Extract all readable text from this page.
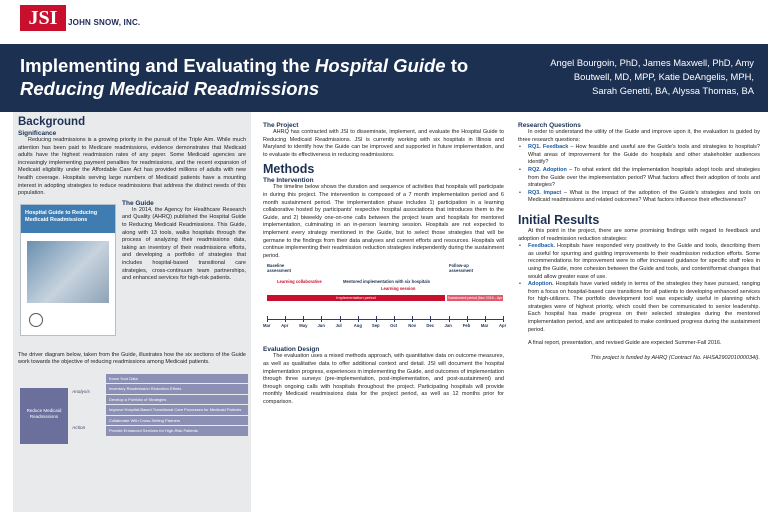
JSI	JOHN SNOW, INC.
Implementing and Evaluating the Hospital Guide to
Reducing Medicaid Readmissions
Angel Bourgoin, PhD, James Maxwell, PhD, Amy
Boutwell, MD, MPP, Katie DeAngelis, MPH,
Sarah Genetti, BA, Alyssa Thomas, BA
Background
Significance

Reducing readmissions is a growing priority in the pursuit of the Triple Aim. While much attention has been paid to Medicare readmissions, evidence demonstrates that Medicaid adults have the highest readmission rates of any payer. Some Medicaid agencies are increasingly implementing payment penalties for readmissions, and the recent expansion of Medicaid eligibility under the Affordable Care Act has provided millions of adults with new health coverage. Hospitals serving large numbers of Medicaid patients have a mounting interest in adopting strategies to reduce readmissions that address the distinct needs of this population.

Hospital Guide to Reducing Medicaid Readmissions
The Guide

In 2014, the Agency for Healthcare Research and Quality (AHRQ) published the Hospital Guide to Reducing Medicaid Readmissions. This Guide, along with 13 tools, walks hospitals through the process of analyzing their readmissions data, taking an inventory of their readmissions efforts, and developing a portfolio of strategies that includes hospital-based transitional care strategies, cross-continuum team partnerships, and enhanced services for high-risk patients.

The driver diagram below, taken from the Guide, illustrates how the six sections of the Guide work towards the objective of reducing readmissions among Medicaid patients.

Reduce Medicaid Readmissions
Analysis
Action
Know Your Data
Inventory Readmission Reduction Efforts
Develop a Portfolio of Strategies
Improve Hospital-Based Transitional Care Processes for Medicaid Patients
Collaborate With Cross-Setting Partners
Provide Enhanced Services for High-Risk Patients
The Project

AHRQ has contracted with JSI to disseminate, implement, and evaluate the Hospital Guide to Reducing Medicaid Readmissions. JSI is currently working with six hospitals in Illinois and Maryland to identify how the Guide can be improved and supported in future implementation, and to evaluate its effectiveness in reducing readmissions.

Methods
The Intervention

The timeline below shows the duration and sequence of activities that hospitals will participate in during this project. The intervention is composed of a 7 month implementation period and 6 month sustainment period. The implementation phase includes 1) participation in a learning collaborative hosted by participants' respective hospital associations that introduces them to the Guide, and 2) biweekly one-on-one calls between the project team and hospitals for mentored implementation, culminating in an in-person learning session. Hospitals are not expected to implement every strategy mentioned in the Guide, but to select those strategies that will be germane to the findings from their data analyses and current efforts and resources. Hospitals will continue implementing their readmission reduction strategies independently during the sustainment period.

Baseline assessment
Follow-up assessment
Learning collaborative	Mentored implementation with six hospitals
Learning session
Implementation period	Sustainment period (Nov 2016 – Apr 2017)
Mar	Apr	May Jun	Jul	Aug Sep Oct	Nov Dec Jan	Feb	Mar	Apr
Evaluation Design

The evaluation uses a mixed methods approach, with quantitative data on outcome measures, as well as qualitative data to offer additional context and detail. JSI will document the hospital implementation progress, experiences in implementing the Guide, and outcomes of implementation through three surveys (pre-implementation, post-implementation, and post-sustainment) and through ongoing calls with hospitals throughout the project. Participating hospitals will provide monthly Medicaid readmissions data for the project period, as well as 12 months prior for comparison.

Research Questions

In order to understand the utility of the Guide and improve upon it, the evaluation is guided by three research questions:

• RQ1. Feedback – How feasible and useful are the Guide's tools and strategies to hospitals? What areas of improvement for the Guide do hospitals and other stakeholder audiences identify?
• RQ2. Adoption – To what extent did the implementation hospitals adopt tools and strategies from the Guide over the implementation period? What factors affect their adoption of tools and strategies?
• RQ3. Impact – What is the impact of the adoption of the Guide's strategies and tools on Medicaid readmissions and related outcomes? What factors influence their effectiveness?
Initial Results

At this point in the project, there are some promising findings with regard to feedback and adoption of readmission reduction strategies:

• Feedback. Hospitals have responded very positively to the Guide and tools, describing them as useful for spurring and guiding improvements to their readmission reduction efforts. Some recommendations for improvement were to offer increased guidance for specific staff roles in using the Guide, more cohesion between the Guide and tools, and content/format changes that would allow greater ease of use.
• Adoption. Hospitals have varied widely in terms of the strategies they have pursued, ranging from a focus on hospital-based care transitions for all patients to developing enhanced services for high-utilizers. The portfolio development tool was especially useful in planning which strategies were of highest priority, which could then be communicated to senior leadership. Each hospital has made progress on their selected strategies during the mentored implementation period, and are anticipated to make continued progress during the sustainment period.

A final report, presentation, and revised Guide are expected Summer-Fall 2016.

This project is funded by AHRQ (Contract No. HHSA290201000034I).
